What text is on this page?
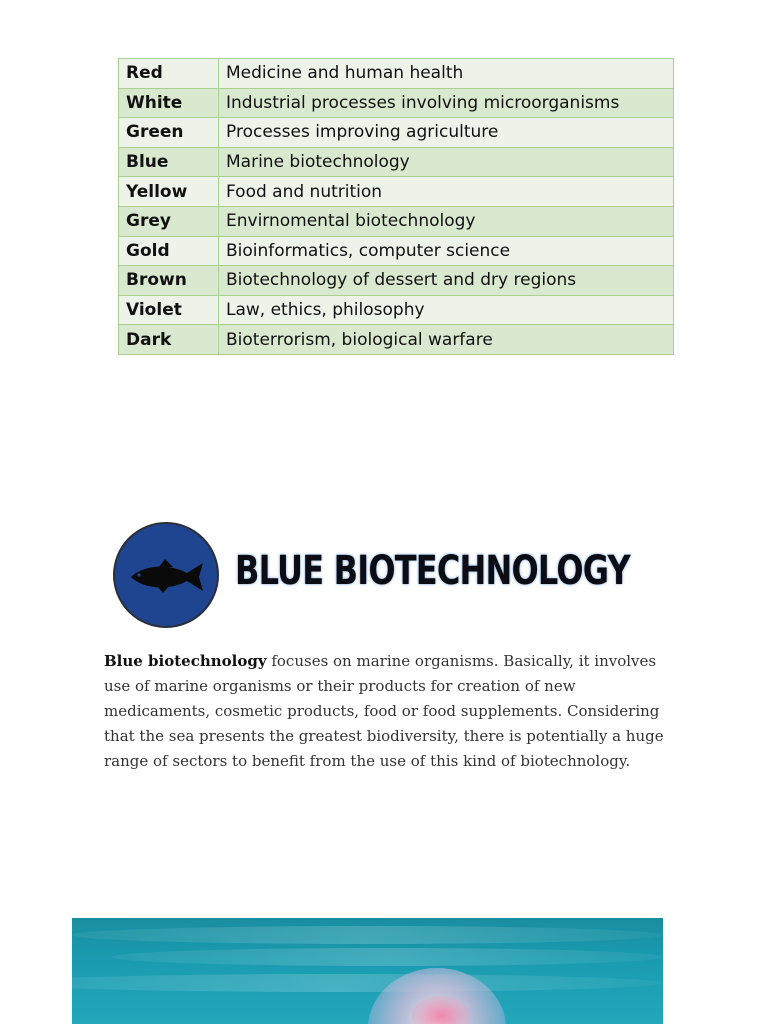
Red	Medicine and human health
White	Industrial processes involving microorganisms
Green	Processes improving agriculture
Blue	Marine biotechnology
Yellow	Food and nutrition
Grey	Envirnomental biotechnology
Gold	Bioinformatics, computer science
Brown	Biotechnology of dessert and dry regions
Violet	Law, ethics, philosophy
Dark	Bioterrorism, biological warfare
BLUE BIOTECHNOLOGY

Blue biotechnology focuses on marine organisms. Basically, it involves use of marine organisms or their products for creation of new medicaments, cosmetic products, food or food supplements. Considering that the sea presents the greatest biodiversity, there is potentially a huge range of sectors to benefit from the use of this kind of biotechnology.
